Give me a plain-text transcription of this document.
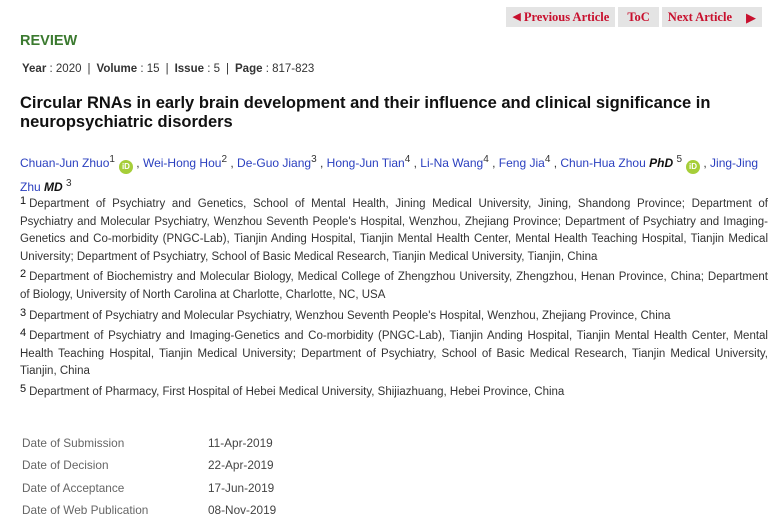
◀ Previous Article ToC Next Article ▶
REVIEW
Year : 2020 | Volume : 15 | Issue : 5 | Page : 817-823
Circular RNAs in early brain development and their influence and clinical significance in neuropsychiatric disorders
Chuan-Jun Zhuo$^1$iD , Wei-Hong Hou$^2$ , De-Guo Jiang$^3$ , Hong-Jun Tian$^4$ , Li-Na Wang$^4$ , Feng Jia$^4$ , Chun-Hua Zhou PhD $^5$iD , Jing-Jing Zhu MD $^3$
$^1$ Department of Psychiatry and Genetics, School of Mental Health, Jining Medical University, Jining, Shandong Province; Department of Psychiatry and Molecular Psychiatry, Wenzhou Seventh People's Hospital, Wenzhou, Zhejiang Province; Department of Psychiatry and Imaging-Genetics and Co-morbidity (PNGC-Lab), Tianjin Anding Hospital, Tianjin Mental Health Center, Mental Health Teaching Hospital, Tianjin Medical University; Department of Psychiatry, School of Basic Medical Research, Tianjin Medical University, Tianjin, China
$^2$ Department of Biochemistry and Molecular Biology, Medical College of Zhengzhou University, Zhengzhou, Henan Province, China; Department of Biology, University of North Carolina at Charlotte, Charlotte, NC, USA
$^3$ Department of Psychiatry and Molecular Psychiatry, Wenzhou Seventh People's Hospital, Wenzhou, Zhejiang Province, China
$^4$ Department of Psychiatry and Imaging-Genetics and Co-morbidity (PNGC-Lab), Tianjin Anding Hospital, Tianjin Mental Health Center, Mental Health Teaching Hospital, Tianjin Medical University; Department of Psychiatry, School of Basic Medical Research, Tianjin Medical University, Tianjin, China
$^5$ Department of Pharmacy, First Hospital of Hebei Medical University, Shijiazhuang, Hebei Province, China
Date of Submission	11-Apr-2019
Date of Decision	22-Apr-2019
Date of Acceptance	17-Jun-2019
Date of Web Publication	08-Nov-2019
